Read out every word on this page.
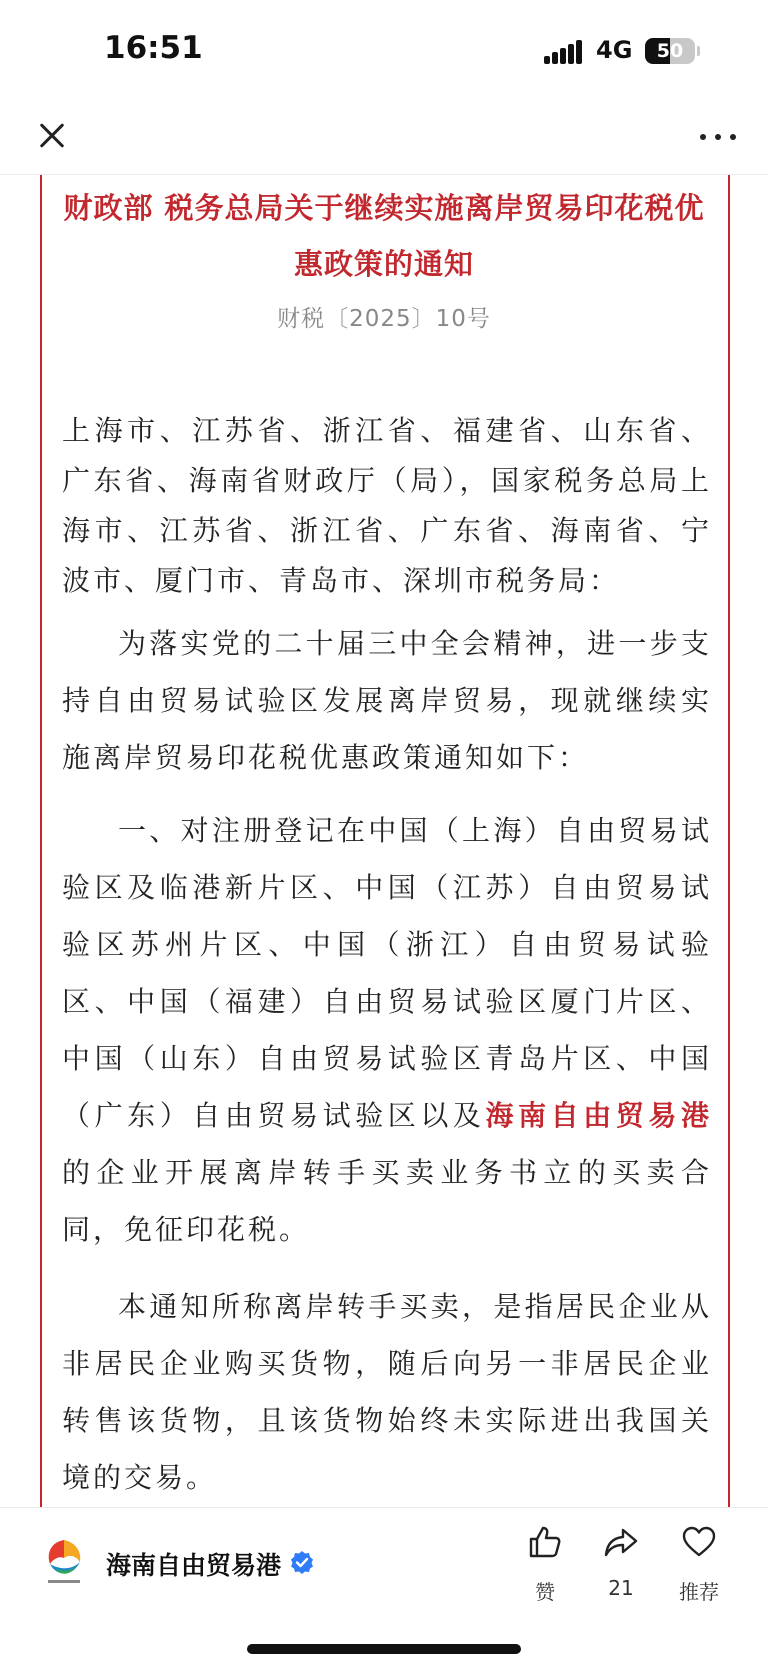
16:51	4G	50
财政部 税务总局关于继续实施离岸贸易印花税优惠政策的通知
财税〔2025〕10号

上海市、江苏省、浙江省、福建省、山东省、广东省、海南省财政厅（局），国家税务总局上海市、江苏省、浙江省、广东省、海南省、宁波市、厦门市、青岛市、深圳市税务局：

为落实党的二十届三中全会精神，进一步支持自由贸易试验区发展离岸贸易，现就继续实施离岸贸易印花税优惠政策通知如下：

一、对注册登记在中国（上海）自由贸易试验区及临港新片区、中国（江苏）自由贸易试验区苏州片区、中国（浙江）自由贸易试验区、中国（福建）自由贸易试验区厦门片区、中国（山东）自由贸易试验区青岛片区、中国（广东）自由贸易试验区以及海南自由贸易港的企业开展离岸转手买卖业务书立的买卖合同，免征印花税。

本通知所称离岸转手买卖，是指居民企业从非居民企业购买货物，随后向另一非居民企业转售该货物，且该货物始终未实际进出我国关境的交易。

海南自由贸易港
赞	21	推荐
